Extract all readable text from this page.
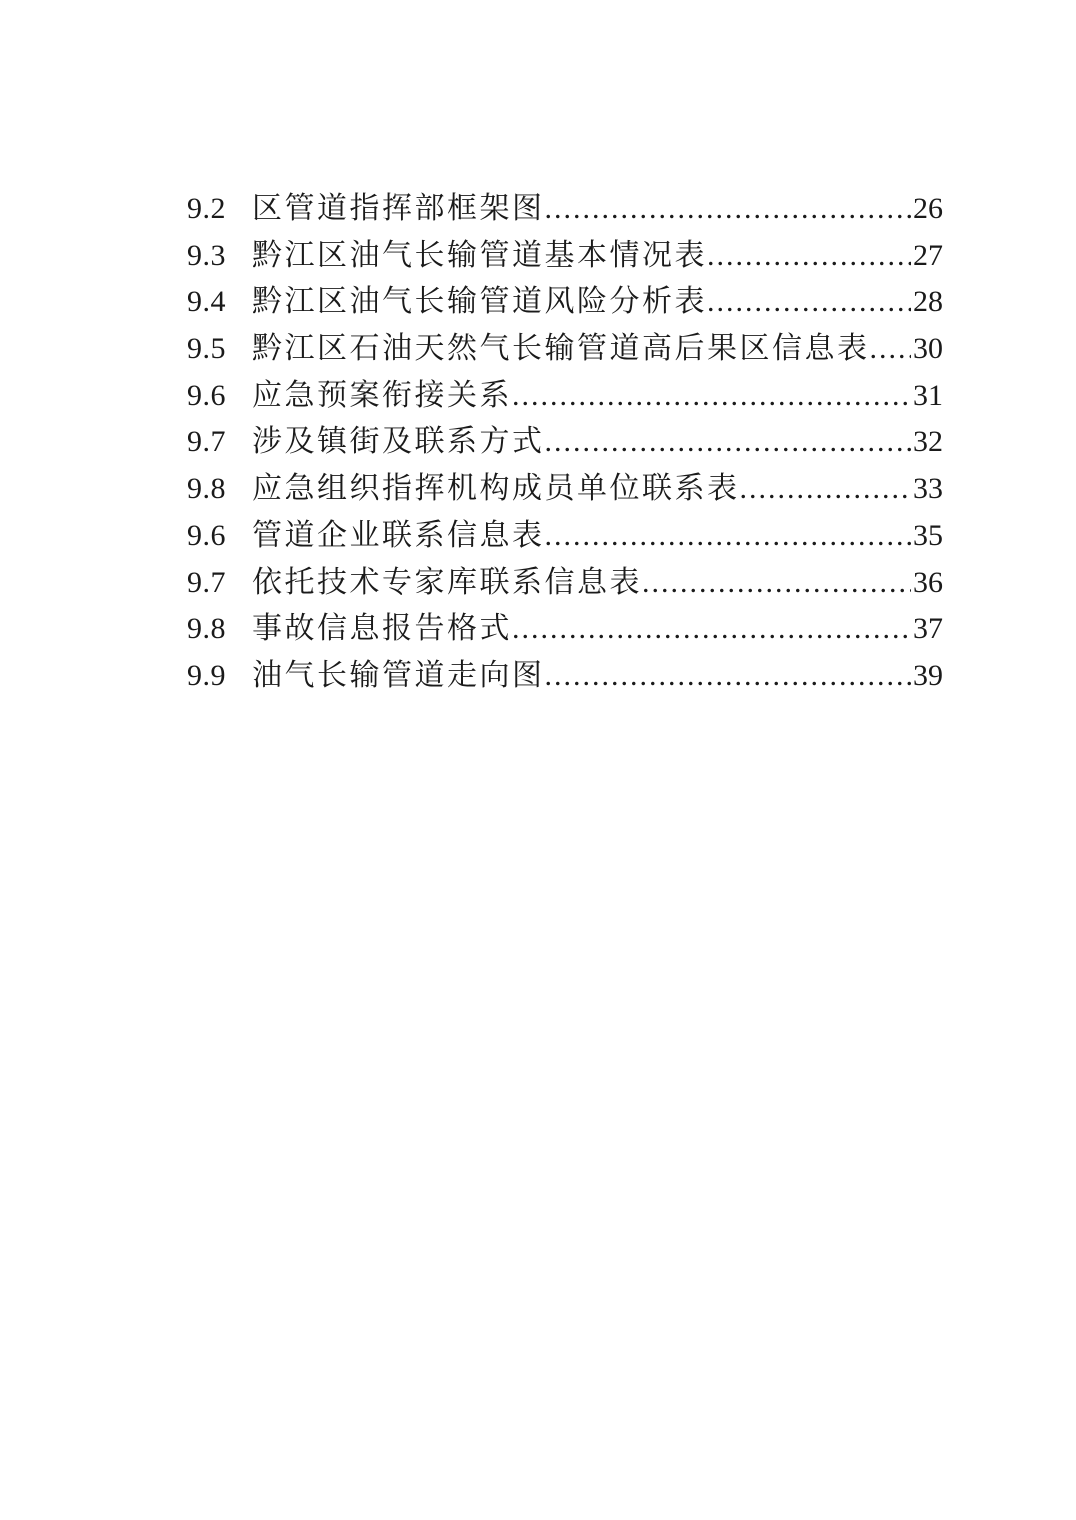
9.2 区管道指挥部框架图 .....	26
9.3 黔江区油气长输管道基本情况表 .....	27
9.4 黔江区油气长输管道风险分析表 .....	28
9.5 黔江区石油天然气长输管道高后果区信息表 ..... 30
9.6 应急预案衔接关系 .....	31
9.7 涉及镇街及联系方式 .....	32
9.8 应急组织指挥机构成员单位联系表 .....	33
9.6 管道企业联系信息表 .....	35
9.7 依托技术专家库联系信息表 .....	36
9.8 事故信息报告格式 .....	37
9.9 油气长输管道走向图 .....	39
